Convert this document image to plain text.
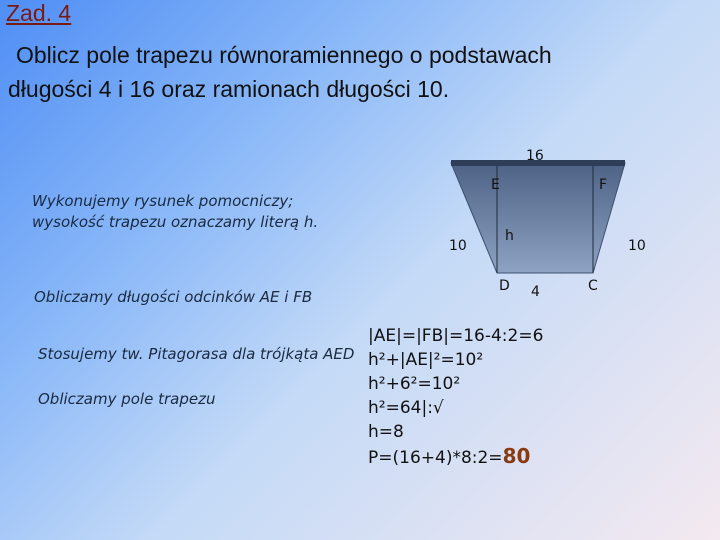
Zad. 4
Oblicz pole trapezu równoramiennego o podstawach
długości 4 i 16 oraz ramionach długości 10.
16
E	F
h
10	10
D 4	C
Wykonujemy rysunek pomocniczy; wysokość trapezu oznaczamy literą h.
Obliczamy długości odcinków AE i FB
Stosujemy tw. Pitagorasa dla trójkąta AED
Obliczamy pole trapezu
|AE|=|FB|=16-4:2=6
h²+|AE|²=10²
h²+6²=10²
h²=64|:√
h=8
P=(16+4)*8:2=80
